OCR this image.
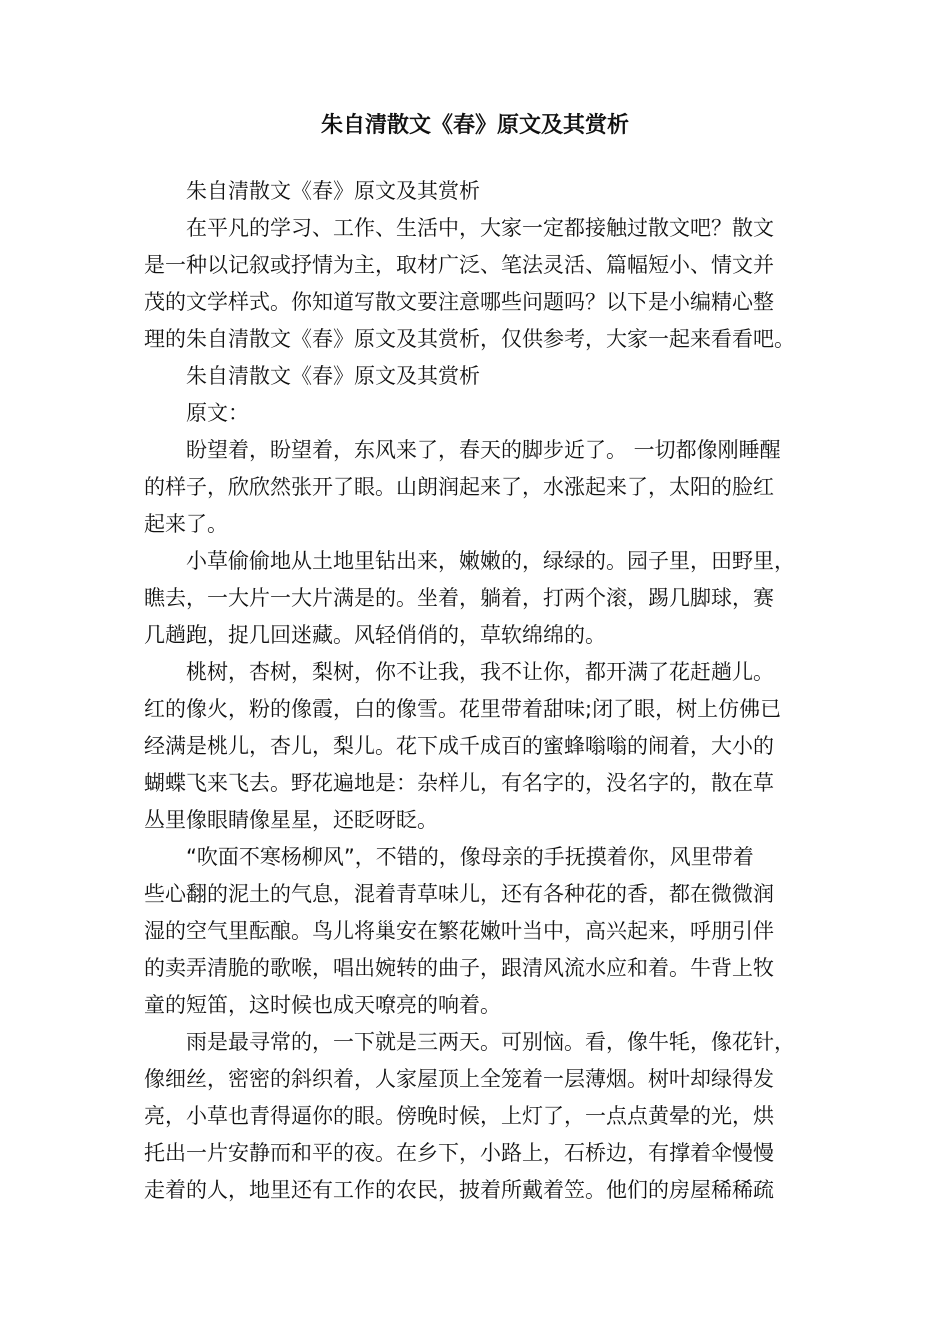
朱自清散文《春》原文及其赏析
朱自清散文《春》原文及其赏析
在平凡的学习、工作、生活中，大家一定都接触过散文吧？散文
是一种以记叙或抒情为主，取材广泛、笔法灵活、篇幅短小、情文并
茂的文学样式。你知道写散文要注意哪些问题吗？以下是小编精心整
理的朱自清散文《春》原文及其赏析，仅供参考，大家一起来看看吧。
朱自清散文《春》原文及其赏析
原文：
盼望着，盼望着，东风来了，春天的脚步近了。 一切都像刚睡醒
的样子，欣欣然张开了眼。山朗润起来了，水涨起来了，太阳的脸红
起来了。
小草偷偷地从土地里钻出来，嫩嫩的，绿绿的。园子里，田野里，
瞧去，一大片一大片满是的。坐着，躺着，打两个滚，踢几脚球，赛
几趟跑，捉几回迷藏。风轻俏俏的，草软绵绵的。
桃树，杏树，梨树，你不让我，我不让你，都开满了花赶趟儿。
红的像火，粉的像霞，白的像雪。花里带着甜味;闭了眼，树上仿佛已
经满是桃儿，杏儿，梨儿。花下成千成百的蜜蜂嗡嗡的闹着，大小的
蝴蝶飞来飞去。野花遍地是：杂样儿，有名字的，没名字的，散在草
丛里像眼睛像星星，还眨呀眨。
“吹面不寒杨柳风”，不错的，像母亲的手抚摸着你，风里带着
些心翻的泥土的气息，混着青草味儿，还有各种花的香，都在微微润
湿的空气里酝酿。鸟儿将巢安在繁花嫩叶当中，高兴起来，呼朋引伴
的卖弄清脆的歌喉，唱出婉转的曲子，跟清风流水应和着。牛背上牧
童的短笛，这时候也成天嘹亮的响着。
雨是最寻常的，一下就是三两天。可别恼。看，像牛牦，像花针，
像细丝，密密的斜织着，人家屋顶上全笼着一层薄烟。树叶却绿得发
亮，小草也青得逼你的眼。傍晚时候，上灯了，一点点黄晕的光，烘
托出一片安静而和平的夜。在乡下，小路上，石桥边，有撑着伞慢慢
走着的人，地里还有工作的农民，披着所戴着笠。他们的房屋稀稀疏
